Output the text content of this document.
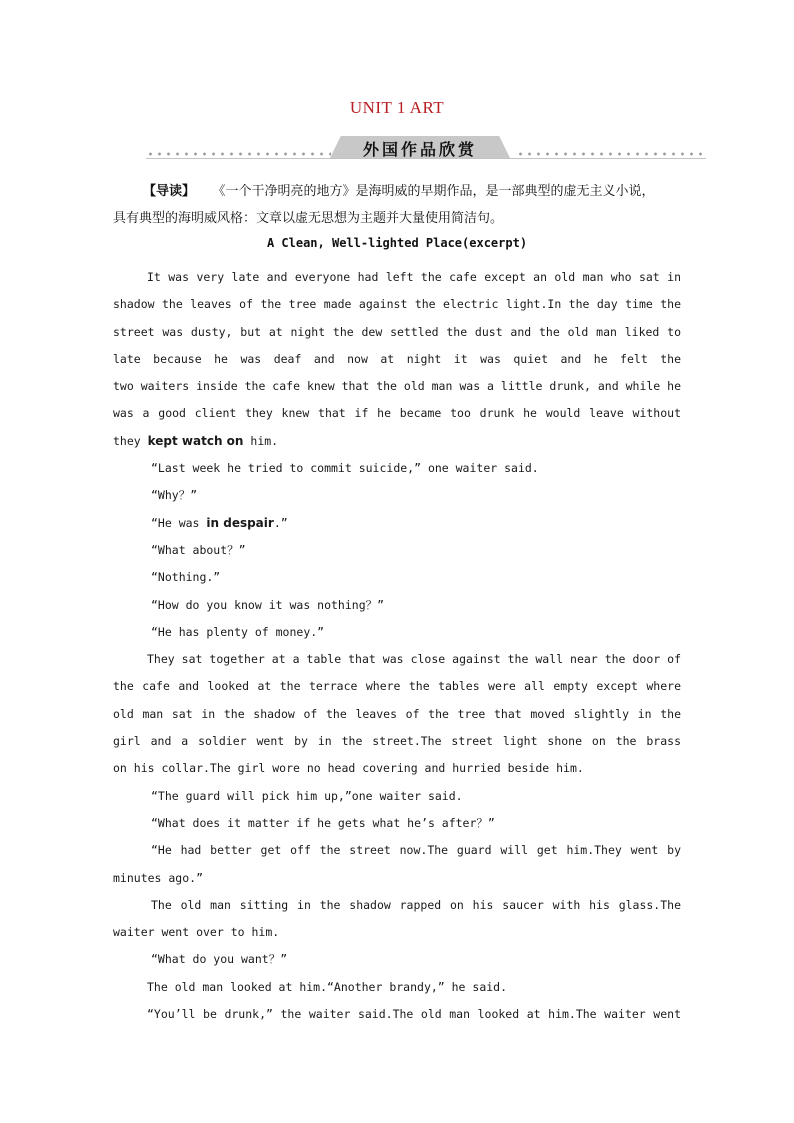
UNIT 1 ART
外国作品欣赏
【导读】 《一个干净明亮的地方》是海明威的早期作品，是一部典型的虚无主义小说，
具有典型的海明威风格：文章以虚无思想为主题并大量使用简洁句。
A Clean, Well-lighted Place(excerpt)
It was very late and everyone had left the cafe except an old man who sat in
shadow the leaves of the tree made against the electric light.In the day time the
street was dusty, but at night the dew settled the dust and the old man liked to
late because he was deaf and now at night it was quiet and he felt the
two waiters inside the cafe knew that the old man was a little drunk, and while he
was a good client they knew that if he became too drunk he would leave without
they kept watch on him.
“Last week he tried to commit suicide,” one waiter said.
“Why？”
“He was in despair.”
“What about？”
“Nothing.”
“How do you know it was nothing？”
“He has plenty of money.”
They sat together at a table that was close against the wall near the door of
the cafe and looked at the terrace where the tables were all empty except where
old man sat in the shadow of the leaves of the tree that moved slightly in the
girl and a soldier went by in the street.The street light shone on the brass
on his collar.The girl wore no head covering and hurried beside him.
“The guard will pick him up,”one waiter said.
“What does it matter if he gets what he’s after？”
“He had better get off the street now.The guard will get him.They went by
minutes ago.”
The old man sitting in the shadow rapped on his saucer with his glass.The
waiter went over to him.
“What do you want？”
The old man looked at him.“Another brandy,” he said.
“You’ll be drunk,” the waiter said.The old man looked at him.The waiter went
